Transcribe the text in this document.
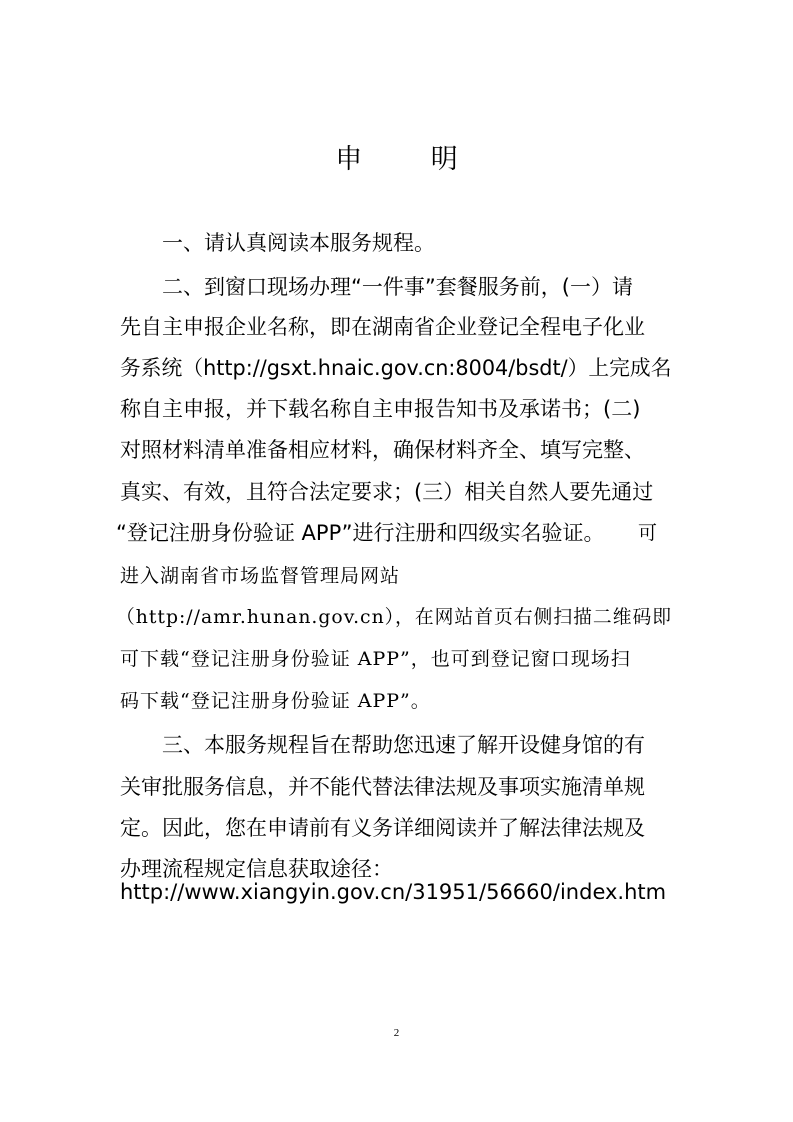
申 明
一、请认真阅读本服务规程。
二、到窗口现场办理“一件事”套餐服务前，(一）请
先自主申报企业名称，即在湖南省企业登记全程电子化业
务系统（http://gsxt.hnaic.gov.cn:8004/bsdt/）上完成名
称自主申报，并下载名称自主申报告知书及承诺书；(二)
对照材料清单准备相应材料，确保材料齐全、填写完整、
真实、有效，且符合法定要求；(三）相关自然人要先通过
“登记注册身份验证 APP”进行注册和四级实名验证。 可
进入湖南省市场监督管理局网站
（http://amr.hunan.gov.cn），在网站首页右侧扫描二维码即
可下载“登记注册身份验证 APP”，也可到登记窗口现场扫
码下载“登记注册身份验证 APP”。
三、本服务规程旨在帮助您迅速了解开设健身馆的有
关审批服务信息，并不能代替法律法规及事项实施清单规
定。因此，您在申请前有义务详细阅读并了解法律法规及
办理流程规定信息获取途径：
http://www.xiangyin.gov.cn/31951/56660/index.htm
2
